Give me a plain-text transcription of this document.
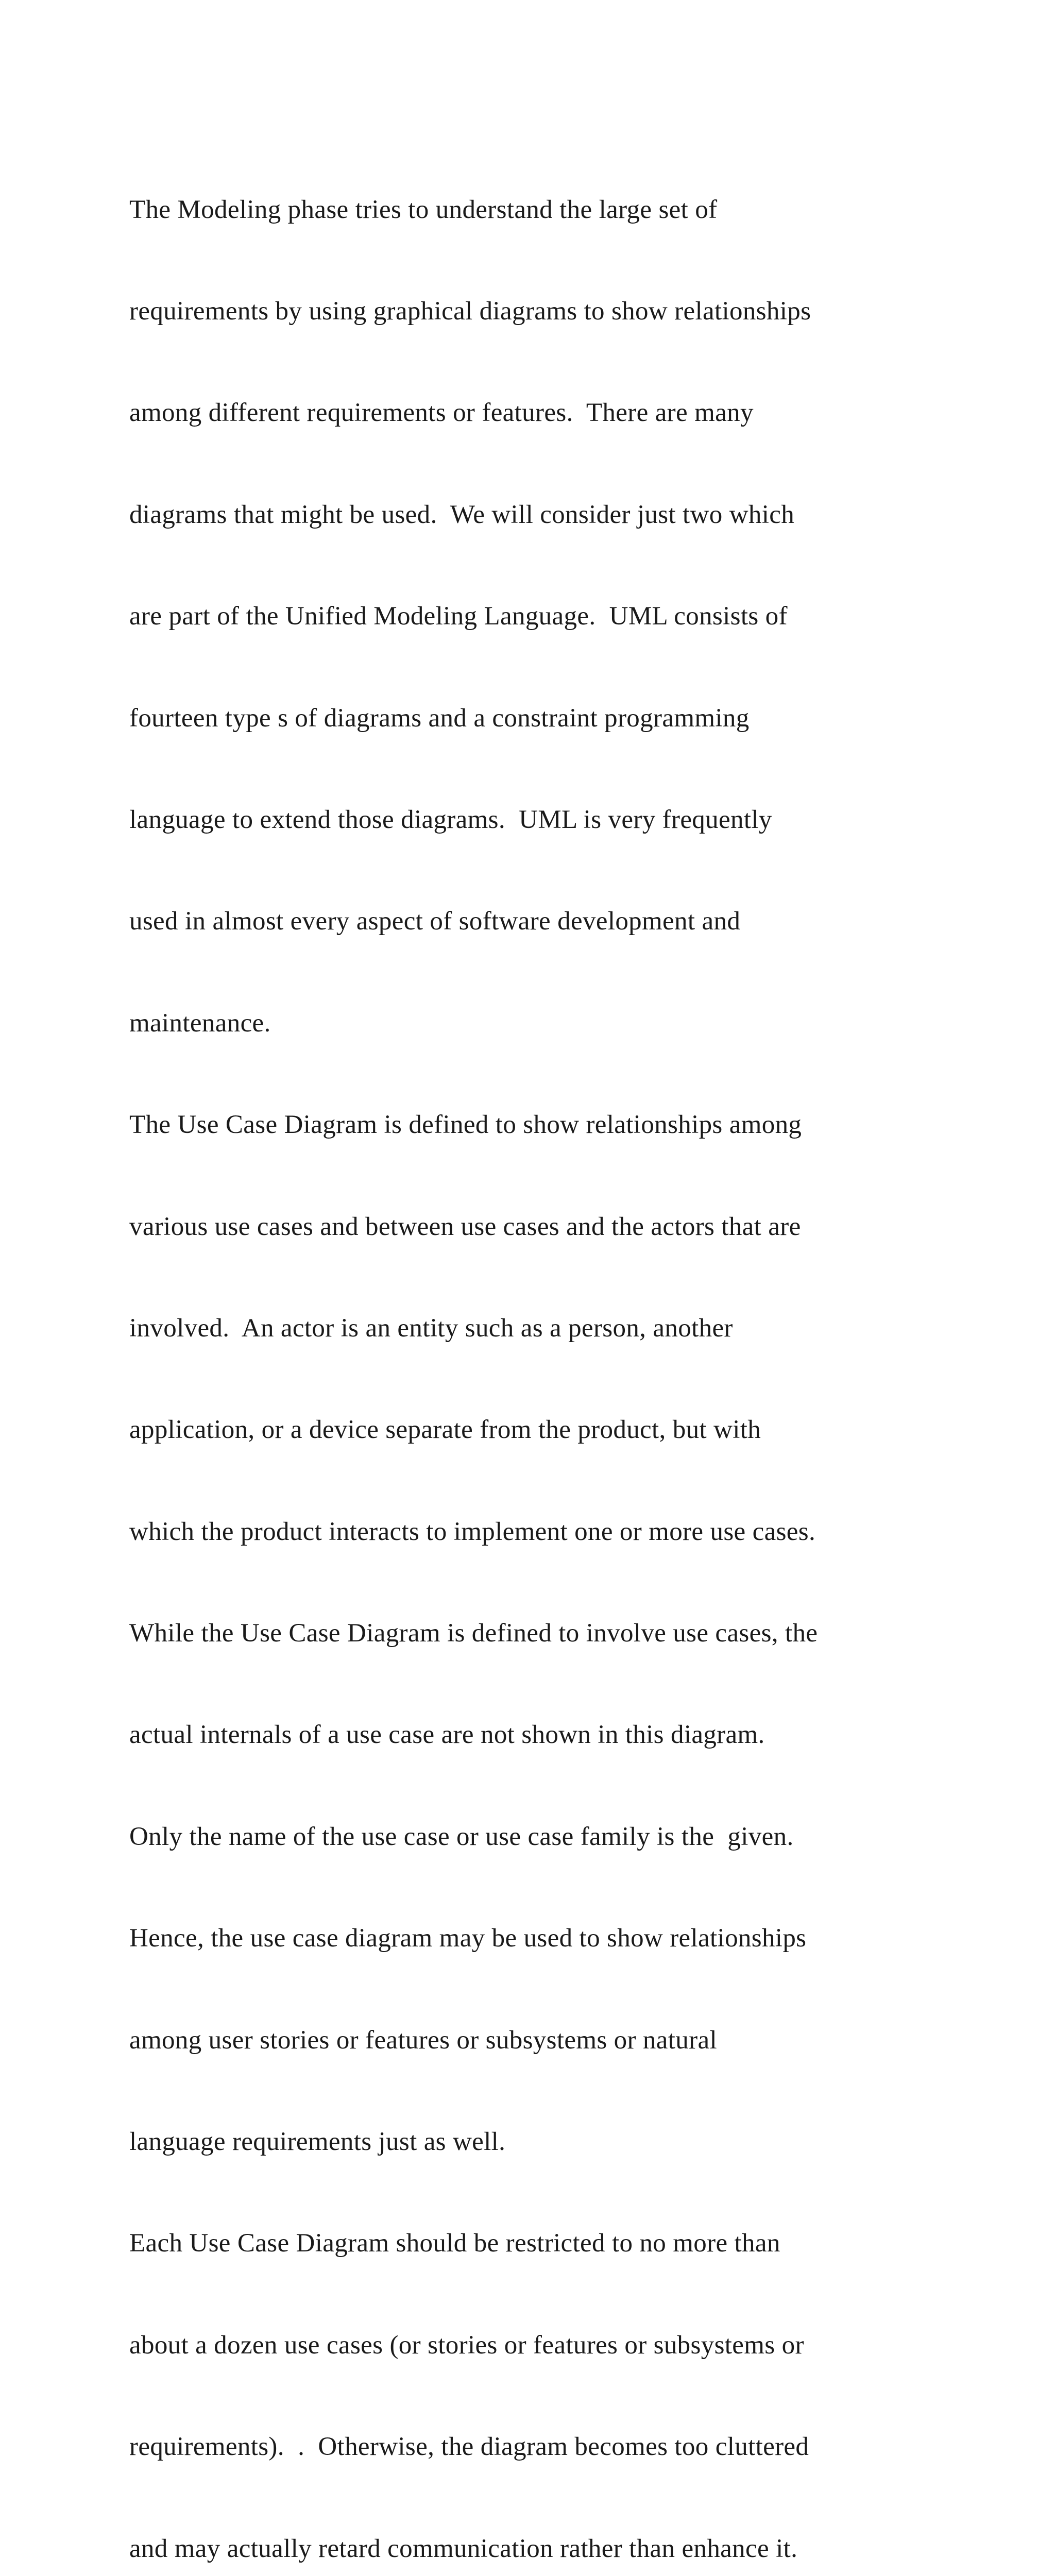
The Modeling phase tries to understand the large set of

requirements by using graphical diagrams to show relationships

among different requirements or features.  There are many

diagrams that might be used.  We will consider just two which

are part of the Unified Modeling Language.  UML consists of

fourteen type s of diagrams and a constraint programming

language to extend those diagrams.  UML is very frequently

used in almost every aspect of software development and

maintenance.

The Use Case Diagram is defined to show relationships among

various use cases and between use cases and the actors that are

involved.  An actor is an entity such as a person, another

application, or a device separate from the product, but with

which the product interacts to implement one or more use cases.

While the Use Case Diagram is defined to involve use cases, the

actual internals of a use case are not shown in this diagram.

Only the name of the use case or use case family is the  given.

Hence, the use case diagram may be used to show relationships

among user stories or features or subsystems or natural

language requirements just as well.

Each Use Case Diagram should be restricted to no more than

about a dozen use cases (or stories or features or subsystems or

requirements).  .  Otherwise, the diagram becomes too cluttered

and may actually retard communication rather than enhance it.
